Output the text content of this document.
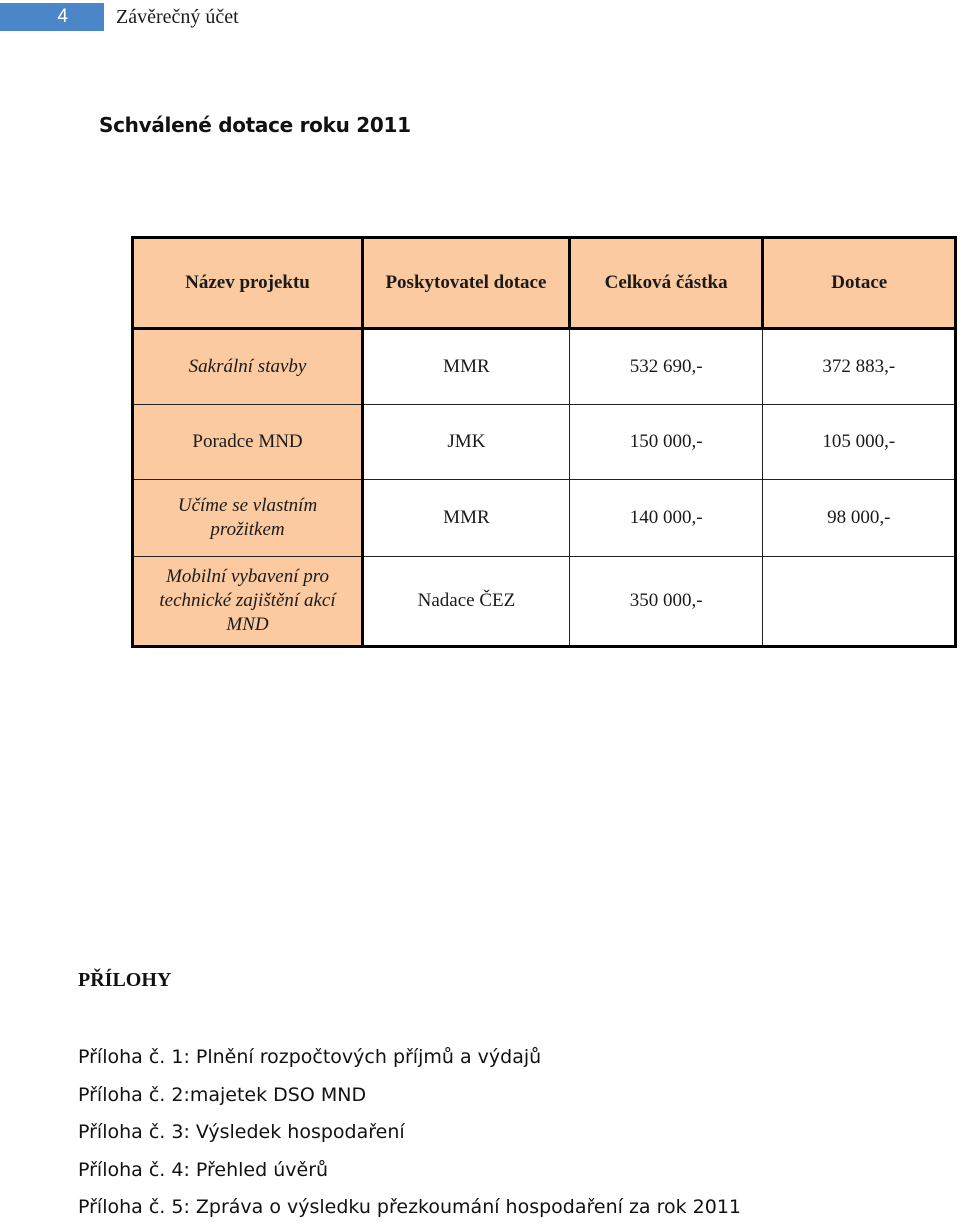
4	Závěrečný účet
Schválené dotace roku 2011
Název projektu	Poskytovatel dotace	Celková částka	Dotace
Sakrální stavby	MMR	532 690,-	372 883,-
Poradce MND	JMK	150 000,-	105 000,-
Učíme se vlastním prožitkem	MMR	140 000,-	98 000,-
Mobilní vybavení pro technické zajištění akcí MND	Nadace ČEZ	350 000,-	
PŘÍLOHY
Příloha č. 1: Plnění rozpočtových příjmů a výdajů
Příloha č. 2:majetek DSO MND
Příloha č. 3: Výsledek hospodaření
Příloha č. 4: Přehled úvěrů
Příloha č. 5: Zpráva o výsledku přezkoumání hospodaření za rok 2011
